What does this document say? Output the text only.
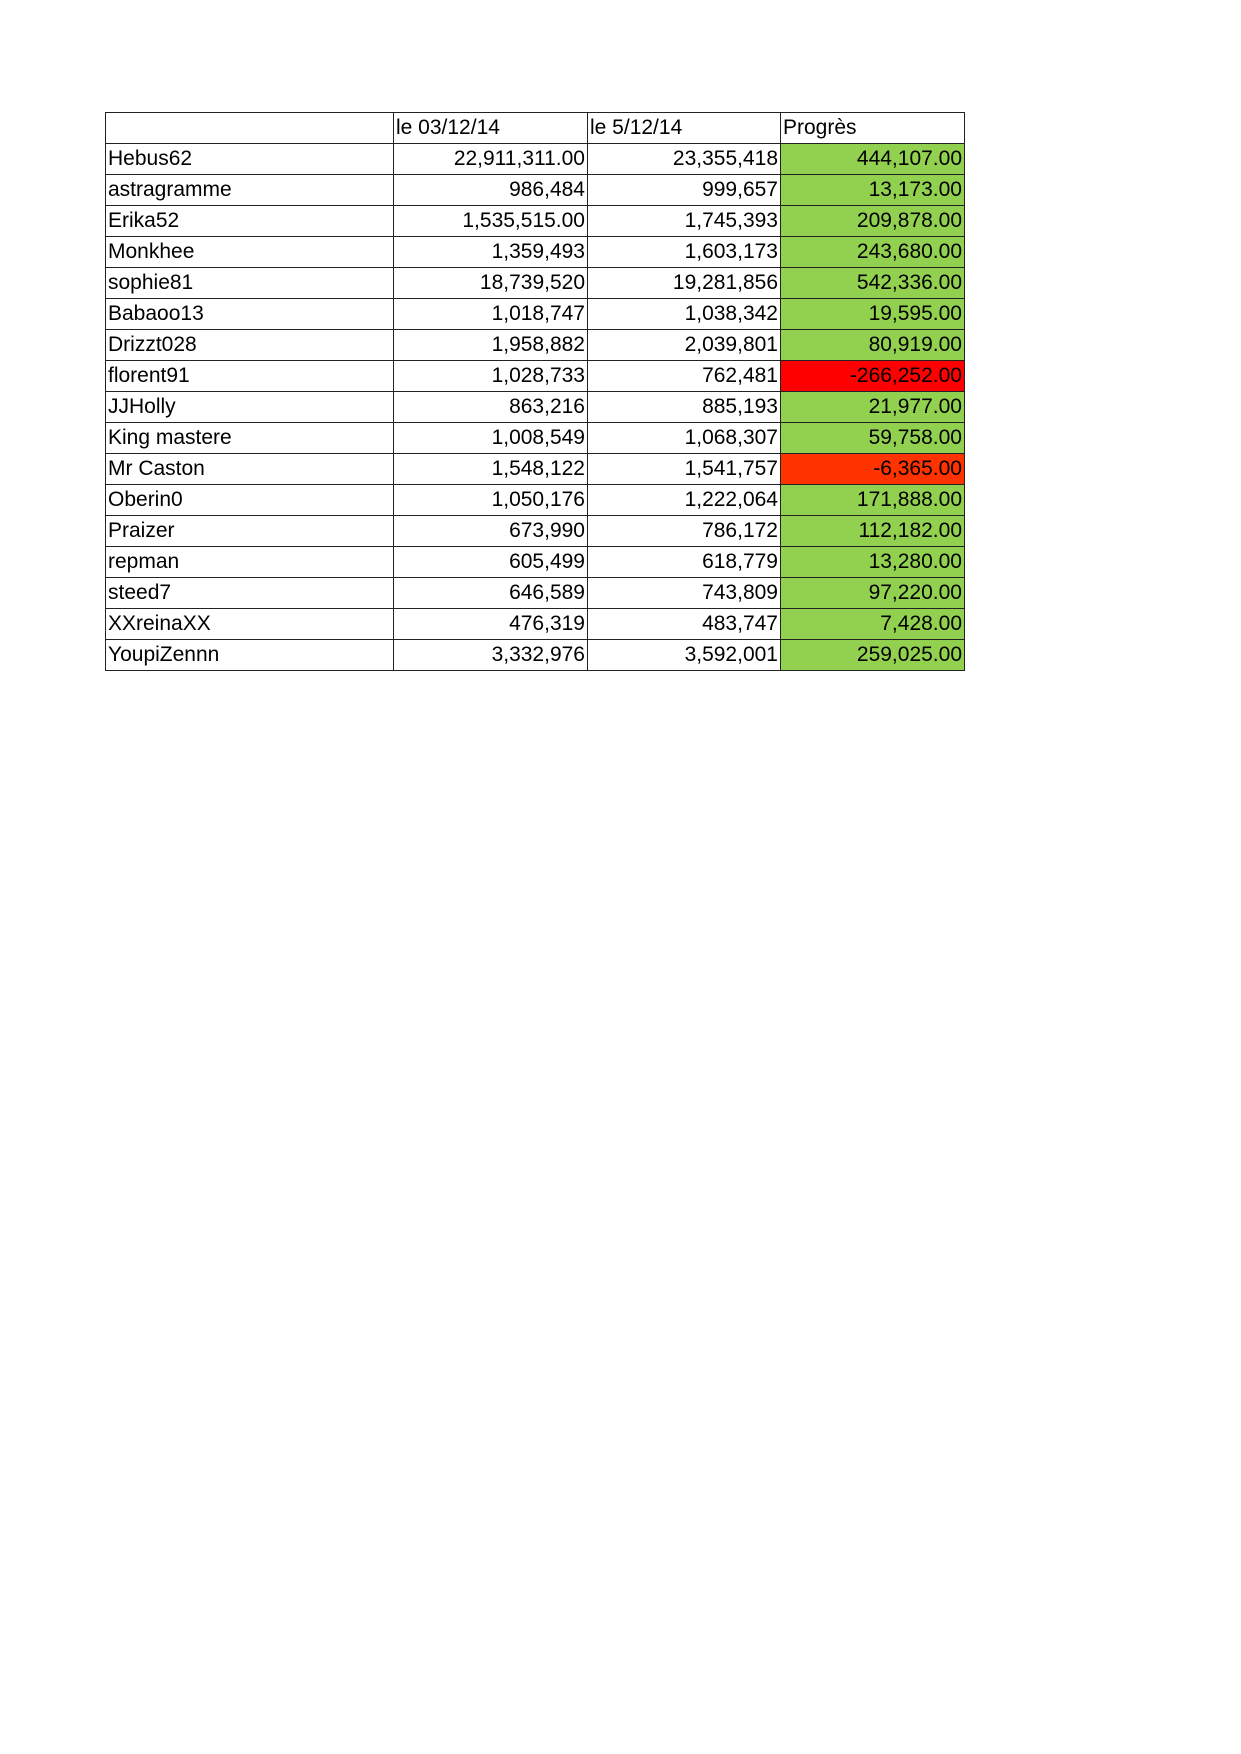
	le 03/12/14	le 5/12/14	Progrès
Hebus62	22,911,311.00	23,355,418	444,107.00
astragramme	986,484	999,657	13,173.00
Erika52	1,535,515.00	1,745,393	209,878.00
Monkhee	1,359,493	1,603,173	243,680.00
sophie81	18,739,520	19,281,856	542,336.00
Babaoo13	1,018,747	1,038,342	19,595.00
Drizzt028	1,958,882	2,039,801	80,919.00
florent91	1,028,733	762,481	-266,252.00
JJHolly	863,216	885,193	21,977.00
King mastere	1,008,549	1,068,307	59,758.00
Mr Caston	1,548,122	1,541,757	-6,365.00
Oberin0	1,050,176	1,222,064	171,888.00
Praizer	673,990	786,172	112,182.00
repman	605,499	618,779	13,280.00
steed7	646,589	743,809	97,220.00
XXreinaXX	476,319	483,747	7,428.00
YoupiZennn	3,332,976	3,592,001	259,025.00
